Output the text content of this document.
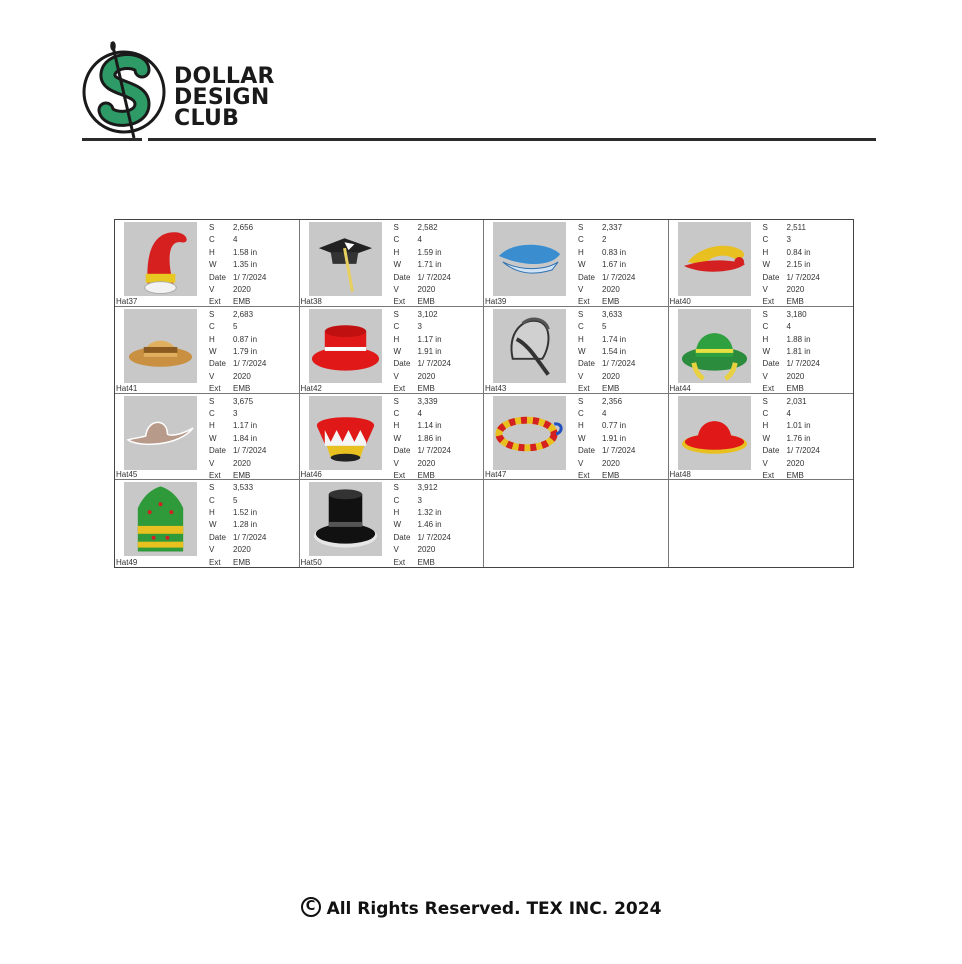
DOLLAR
DESIGN
CLUB
Hat37
S 2,656
C 4
H 1.58 in
W 1.35 in
Date 1/ 7/2024
V 2020
Ext EMB	Hat38
S 2,582
C 4
H 1.59 in
W 1.71 in
Date 1/ 7/2024
V 2020
Ext EMB	Hat39
S 2,337
C 2
H 0.83 in
W 1.67 in
Date 1/ 7/2024
V 2020
Ext EMB	Hat40
S 2,511
C 3
H 0.84 in
W 2.15 in
Date 1/ 7/2024
V 2020
Ext EMB
Hat41
S 2,683
C 5
H 0.87 in
W 1.79 in
Date 1/ 7/2024
V 2020
Ext EMB	Hat42
S 3,102
C 3
H 1.17 in
W 1.91 in
Date 1/ 7/2024
V 2020
Ext EMB	Hat43
S 3,633
C 5
H 1.74 in
W 1.54 in
Date 1/ 7/2024
V 2020
Ext EMB	Hat44
S 3,180
C 4
H 1.88 in
W 1.81 in
Date 1/ 7/2024
V 2020
Ext EMB
Hat45
S 3,675
C 3
H 1.17 in
W 1.84 in
Date 1/ 7/2024
V 2020
Ext EMB	Hat46
S 3,339
C 4
H 1.14 in
W 1.86 in
Date 1/ 7/2024
V 2020
Ext EMB	Hat47
S 2,356
C 4
H 0.77 in
W 1.91 in
Date 1/ 7/2024
V 2020
Ext EMB	Hat48
S 2,031
C 4
H 1.01 in
W 1.76 in
Date 1/ 7/2024
V 2020
Ext EMB
Hat49
S 3,533
C 5
H 1.52 in
W 1.28 in
Date 1/ 7/2024
V 2020
Ext EMB	Hat50
S 3,912
C 3
H 1.32 in
W 1.46 in
Date 1/ 7/2024
V 2020
Ext EMB
C All Rights Reserved. TEX INC. 2024
